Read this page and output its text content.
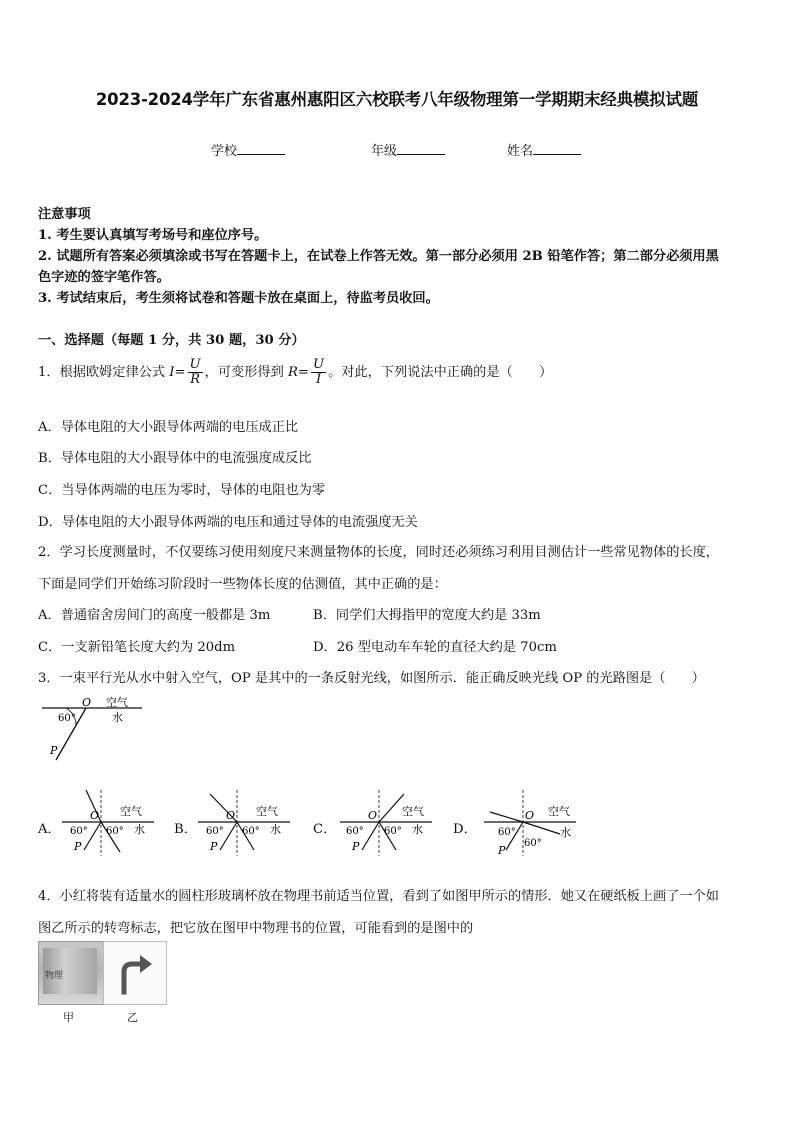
2023-2024学年广东省惠州惠阳区六校联考八年级物理第一学期期末经典模拟试题
学校	年级	姓名
注意事项
1. 考生要认真填写考场号和座位序号。
2. 试题所有答案必须填涂或书写在答题卡上，在试卷上作答无效。第一部分必须用 2B 铅笔作答；第二部分必须用黑
色字迹的签字笔作答。
3. 考试结束后，考生须将试卷和答题卡放在桌面上，待监考员收回。
一、选择题（每题 1 分，共 30 题，30 分）
1．根据欧姆定律公式 $I= \frac{U}{R}$ ，可变形得到 $R= \frac{U}{I}$ 。对此，下列说法中正确的是（　　）
A．导体电阻的大小跟导体两端的电压成正比
B．导体电阻的大小跟导体中的电流强度成反比
C．当导体两端的电压为零时，导体的电阻也为零
D．导体电阻的大小跟导体两端的电压和通过导体的电流强度无关
2．学习长度测量时，不仅要练习使用刻度尺来测量物体的长度，同时还必须练习利用目测估计一些常见物体的长度，
下面是同学们开始练习阶段时一些物体长度的估测值，其中正确的是：
A．普通宿舍房间门的高度一般都是 3m	B．同学们大拇指甲的宽度大约是 33m
C．一支新铅笔长度大约为 20dm	D．26 型电动车车轮的直径大约是 70cm
3．一束平行光从水中射入空气，OP 是其中的一条反射光线，如图所示．能正确反映光线 OP 的光路图是（　　）
O 空气
水
60°
P
A．
O 空气
水
60° 60°
P
B．
O 空气
水
60° 60°
P
C．
O 空气
水
60° 60°
P
D．
O 空气
水
60°
60°
P
4．小红将装有适量水的圆柱形玻璃杯放在物理书前适当位置，看到了如图甲所示的情形．她又在硬纸板上画了一个如
图乙所示的转弯标志，把它放在图甲中物理书的位置，可能看到的是图中的
物理
甲	乙
